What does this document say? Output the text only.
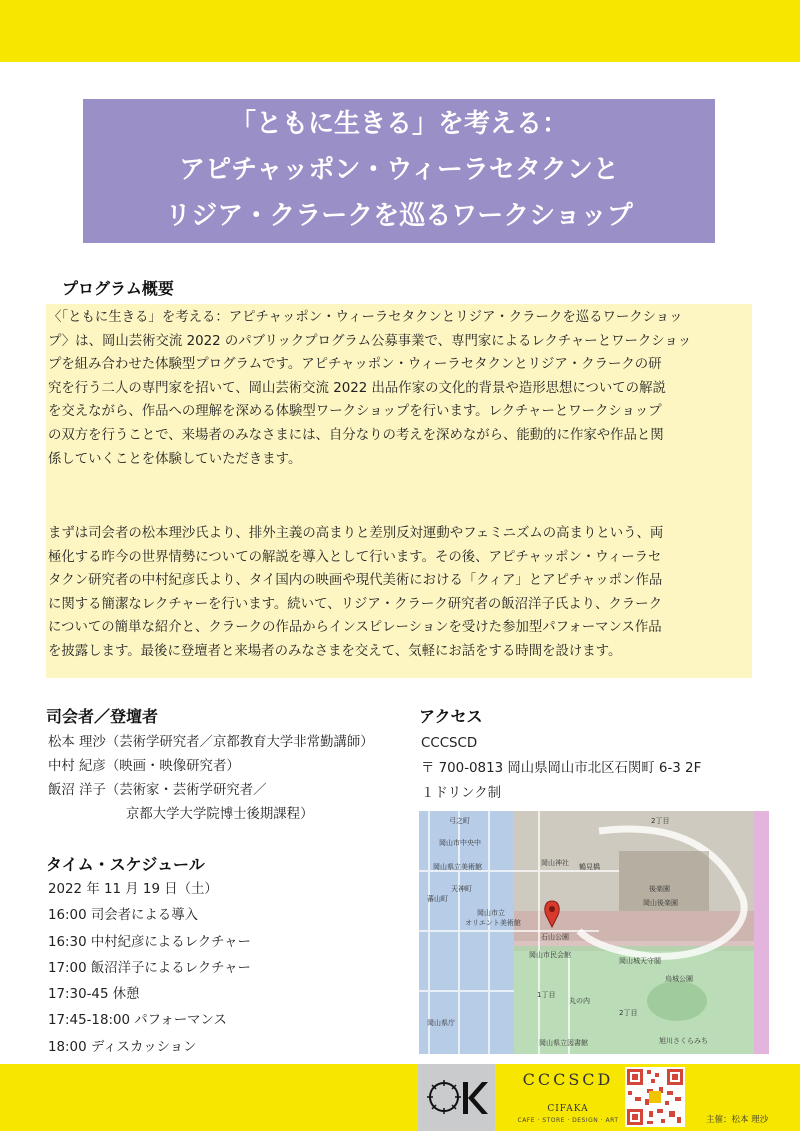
「ともに生きる」を考える：
アピチャッポン・ウィーラセタクンと
リジア・クラークを巡るワークショップ
プログラム概要
〈「ともに生きる」を考える：アピチャッポン・ウィーラセタクンとリジア・クラークを巡るワークショッ
プ〉は、岡山芸術交流 2022 のパブリックプログラム公募事業で、専門家によるレクチャーとワークショッ
プを組み合わせた体験型プログラムです。アピチャッポン・ウィーラセタクンとリジア・クラークの研
究を行う二人の専門家を招いて、岡山芸術交流 2022 出品作家の文化的背景や造形思想についての解説
を交えながら、作品への理解を深める体験型ワークショップを行います。レクチャーとワークショップ
の双方を行うことで、来場者のみなさまには、自分なりの考えを深めながら、能動的に作家や作品と関
係していくことを体験していただきます。
まずは司会者の松本理沙氏より、排外主義の高まりと差別反対運動やフェミニズムの高まりという、両
極化する昨今の世界情勢についての解説を導入として行います。その後、アピチャッポン・ウィーラセ
タクン研究者の中村紀彦氏より、タイ国内の映画や現代美術における「クィア」とアピチャッポン作品
に関する簡潔なレクチャーを行います。続いて、リジア・クラーク研究者の飯沼洋子氏より、クラーク
についての簡単な紹介と、クラークの作品からインスピレーションを受けた参加型パフォーマンス作品
を披露します。最後に登壇者と来場者のみなさまを交えて、気軽にお話をする時間を設けます。
司会者／登壇者
松本 理沙（芸術学研究者／京都教育大学非常勤講師）
中村 紀彦（映画・映像研究者）
飯沼 洋子（芸術家・芸術学研究者／
京都大学大学院博士後期課程）
タイム・スケジュール
2022 年 11 月 19 日（土）
16:00 司会者による導入
16:30 中村紀彦によるレクチャー
17:00 飯沼洋子によるレクチャー
17:30-45 休憩
17:45-18:00 パフォーマンス
18:00 ディスカッション
アクセス
CCCSCD
〒 700-0813 岡山県岡山市北区石関町 6-3 2F
１ドリンク制
弓之町
岡山市中央中
岡山県立美術館
天神町
岡山神社 鶴見橋
後楽園
岡山後楽園
岡山市立
オリエント美術館
石山公園
岡山市民会館
岡山城天守閣
烏城公園
丸の内
1丁目
2丁目
岡山県立図書館	旭川さくらみち
2丁目
蕃山町
岡山県庁
CCCSCD
CIFAKA
CAFE · STORE · DESIGN · ART	主催：松本 理沙
